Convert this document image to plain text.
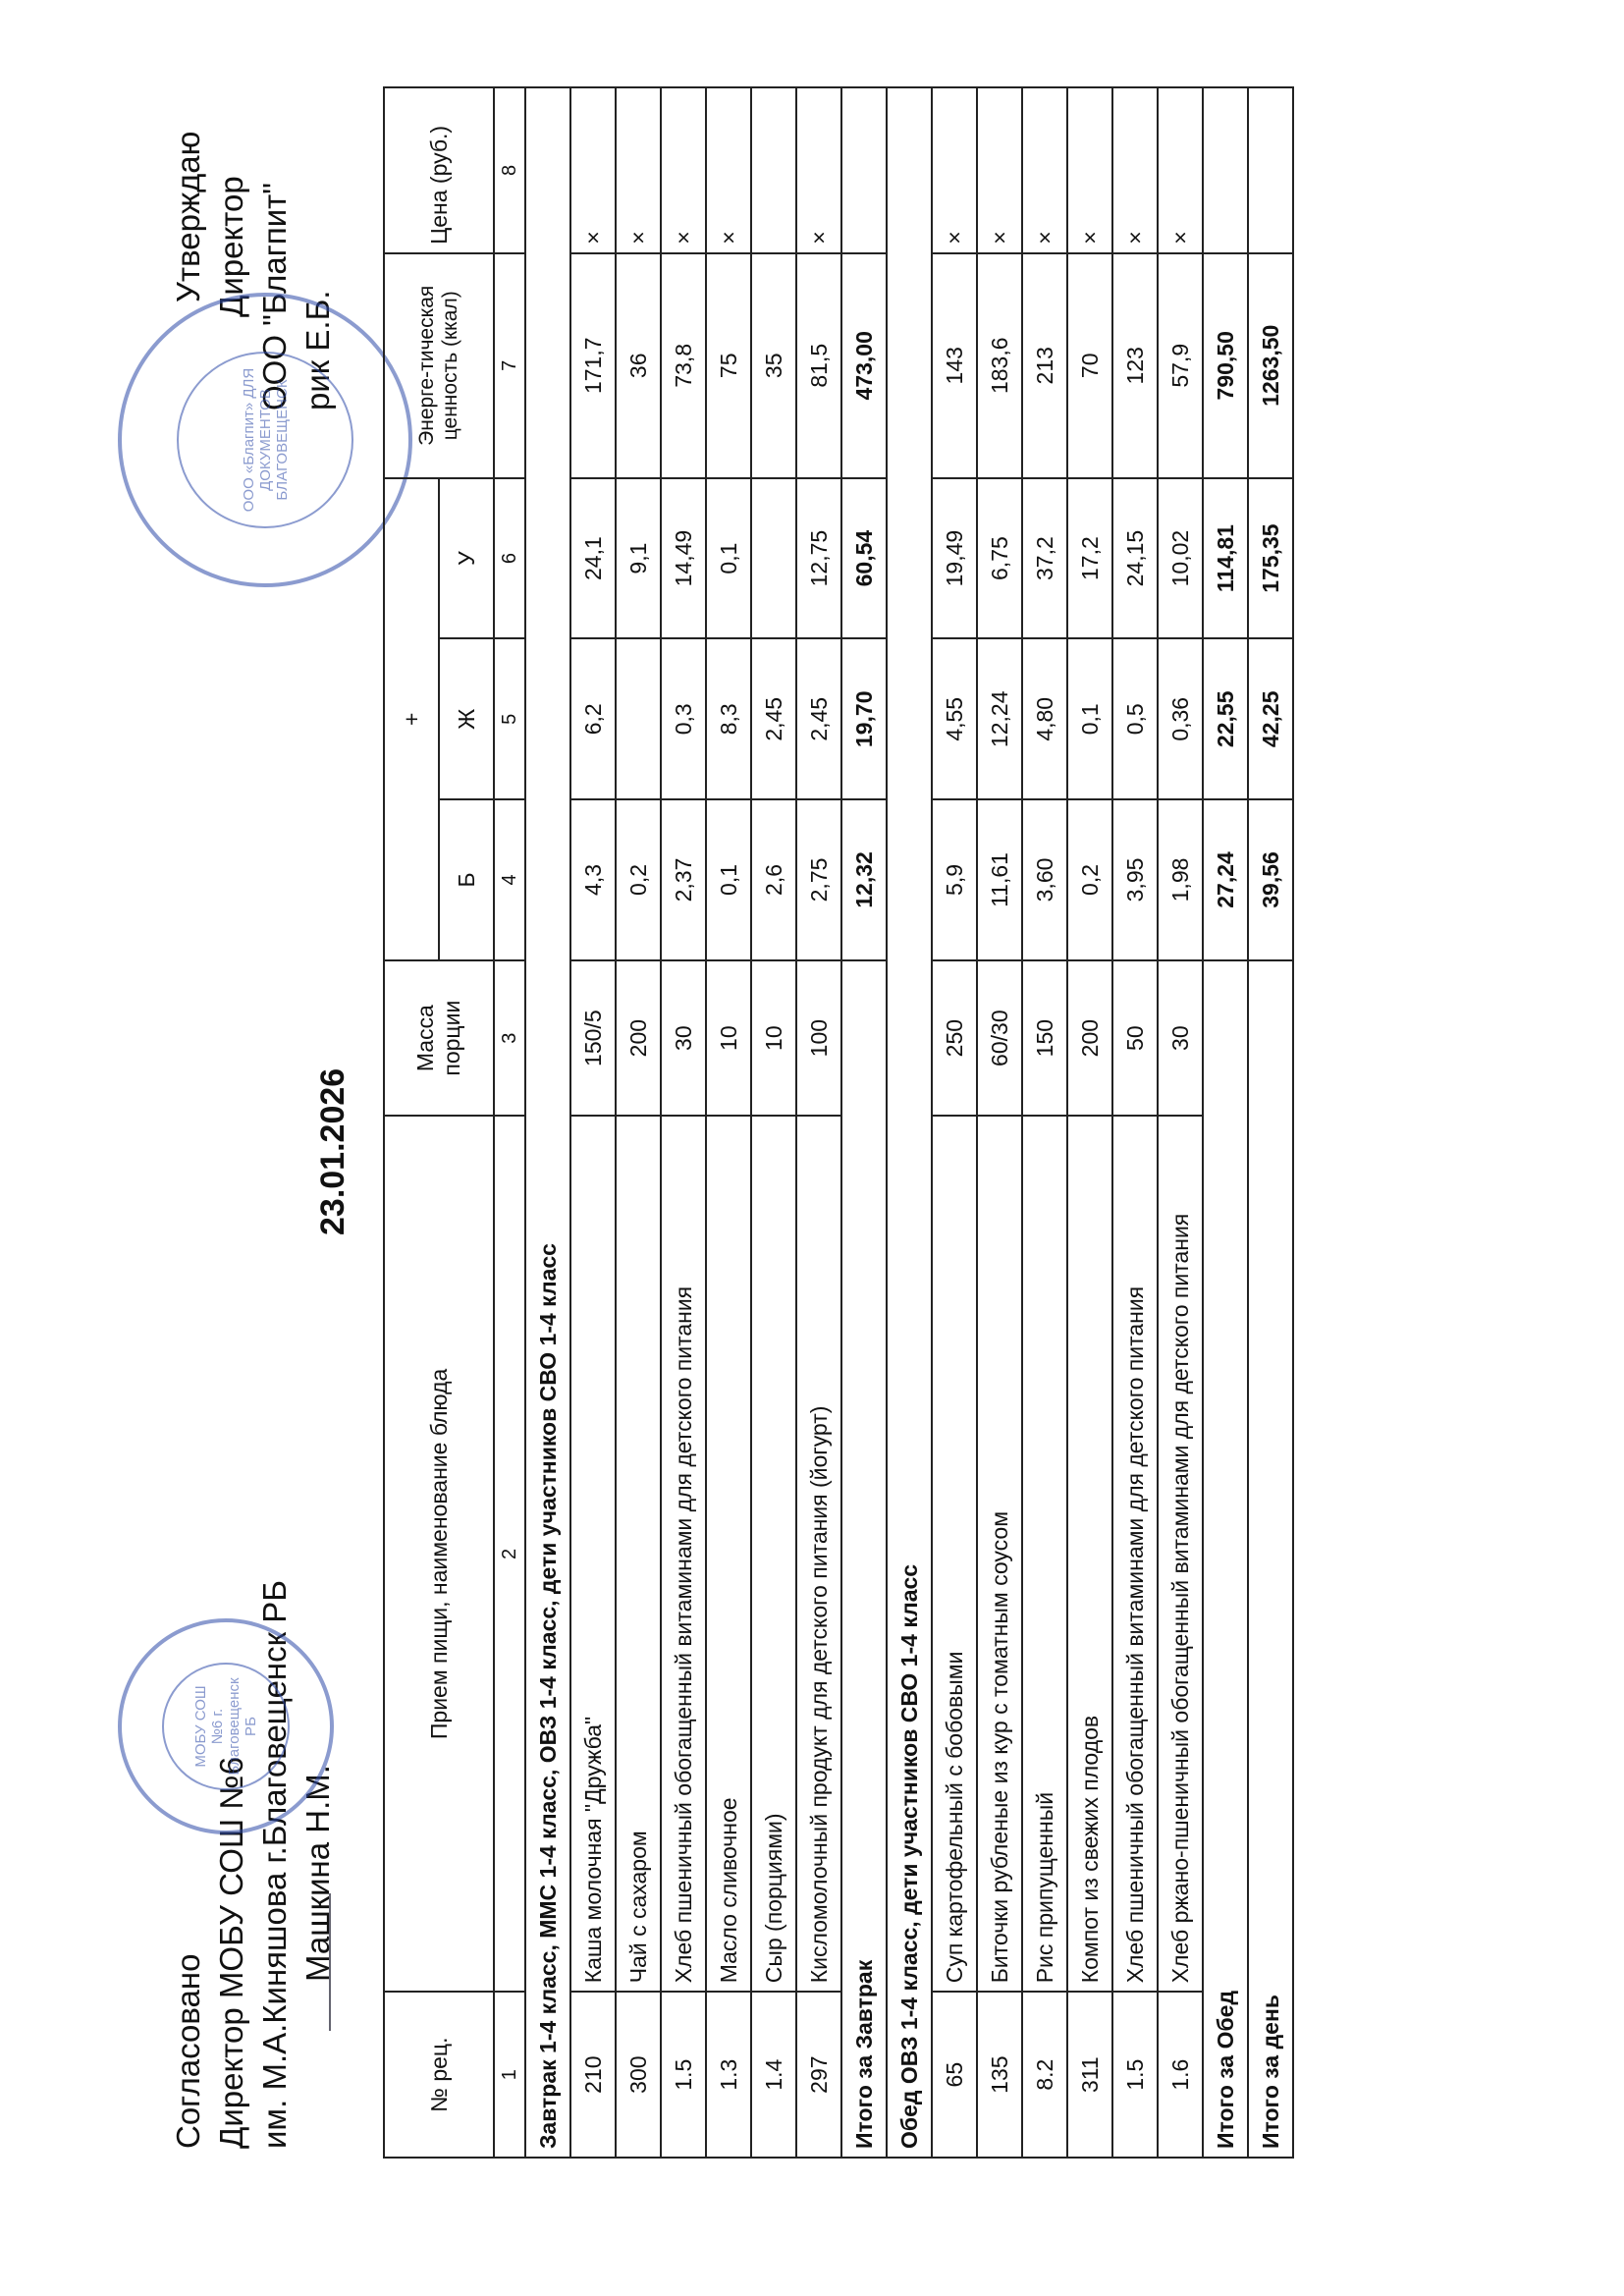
Согласовано Директор МОБУ СОШ №6 им. М.А.Киняшова г.Благовещенск РБ Машкина Н.М.
МОБУ СОШ №6 г. Благовещенск РБ
23.01.2026
Утверждаю Директор ООО "Благпит" рик Е.Б.
ООО «Благпит» ДЛЯ ДОКУМЕНТОВ БЛАГОВЕЩЕНСК
№ рец.	Прием пищи, наименование блюда	Масса порции	+			Энерге-тическая ценность (ккал)	Цена (руб.)
			Б	Ж	У		
1	2	3	4	5	6	7	8
Завтрак 1-4 класс, ММС 1-4 класс, ОВЗ 1-4 класс, дети участников СВО 1-4 класс							
210	Каша молочная "Дружба"	150/5	4,3	6,2	24,1	171,7	×
300	Чай с сахаром	200	0,2		9,1	36	×
1.5	Хлеб пшеничный обогащенный витаминами для детского питания	30	2,37	0,3	14,49	73,8	×
1.3	Масло сливочное	10	0,1	8,3	0,1	75	×
1.4	Сыр (порциями)	10	2,6	2,45		35	
297	Кисломолочный продукт для детского питания (йогурт)	100	2,75	2,45	12,75	81,5	×
Итого за Завтрак			12,32	19,70	60,54	473,00	
Обед ОВЗ 1-4 класс, дети участников СВО 1-4 класс							
65	Суп картофельный с бобовыми	250	5,9	4,55	19,49	143	×
135	Биточки рубленые из кур с томатным соусом	60/30	11,61	12,24	6,75	183,6	×
8.2	Рис припущенный	150	3,60	4,80	37,2	213	×
311	Компот из свежих плодов	200	0,2	0,1	17,2	70	×
1.5	Хлеб пшеничный обогащенный витаминами для детского питания	50	3,95	0,5	24,15	123	×
1.6	Хлеб ржано-пшеничный обогащенный витаминами для детского питания	30	1,98	0,36	10,02	57,9	×
Итого за Обед			27,24	22,55	114,81	790,50	
Итого за день			39,56	42,25	175,35	1263,50	
